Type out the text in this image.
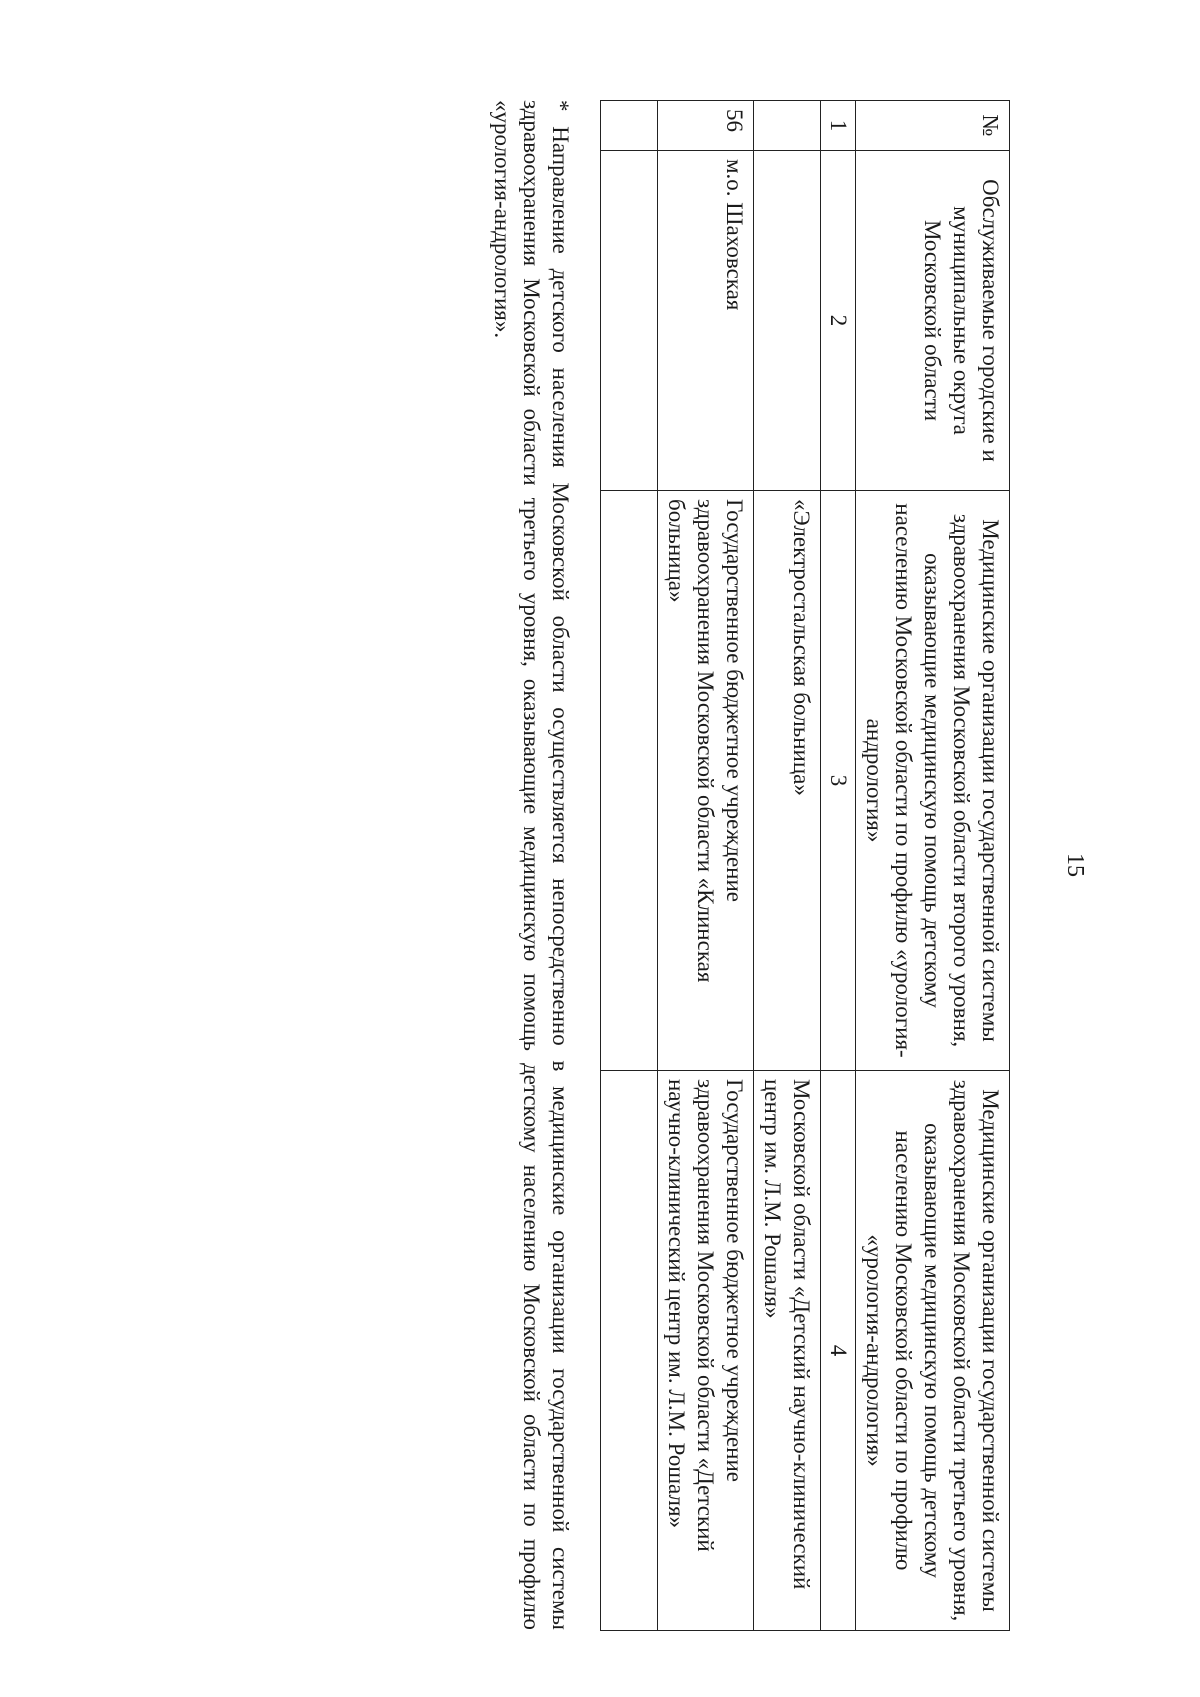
15
№	Обслуживаемые городские и муниципальные округа Московской области	Медицинские организации государственной системы здравоохранения Московской области второго уровня, оказывающие медицинскую помощь детскому населению Московской области по профилю «урология-андрология»	Медицинские организации государственной системы здравоохранения Московской области третьего уровня, оказывающие медицинскую помощь детскому населению Московской области по профилю «урология-андрология»
1	2	3	4
		«Электростальская больница»	Московской области «Детский научно-клинический центр им. Л.М. Рошаля»
56	м.о. Шаховская	Государственное бюджетное учреждение здравоохранения Московской области «Клинская больница»	Государственное бюджетное учреждение здравоохранения Московской области «Детский научно-клинический центр им. Л.М. Рошаля»

* Направление детского населения Московской области осуществляется непосредственно в медицинские организации государственной системы здравоохранения Московской области третьего уровня, оказывающие медицинскую помощь детскому населению Московской области по профилю «урология-андрология».
